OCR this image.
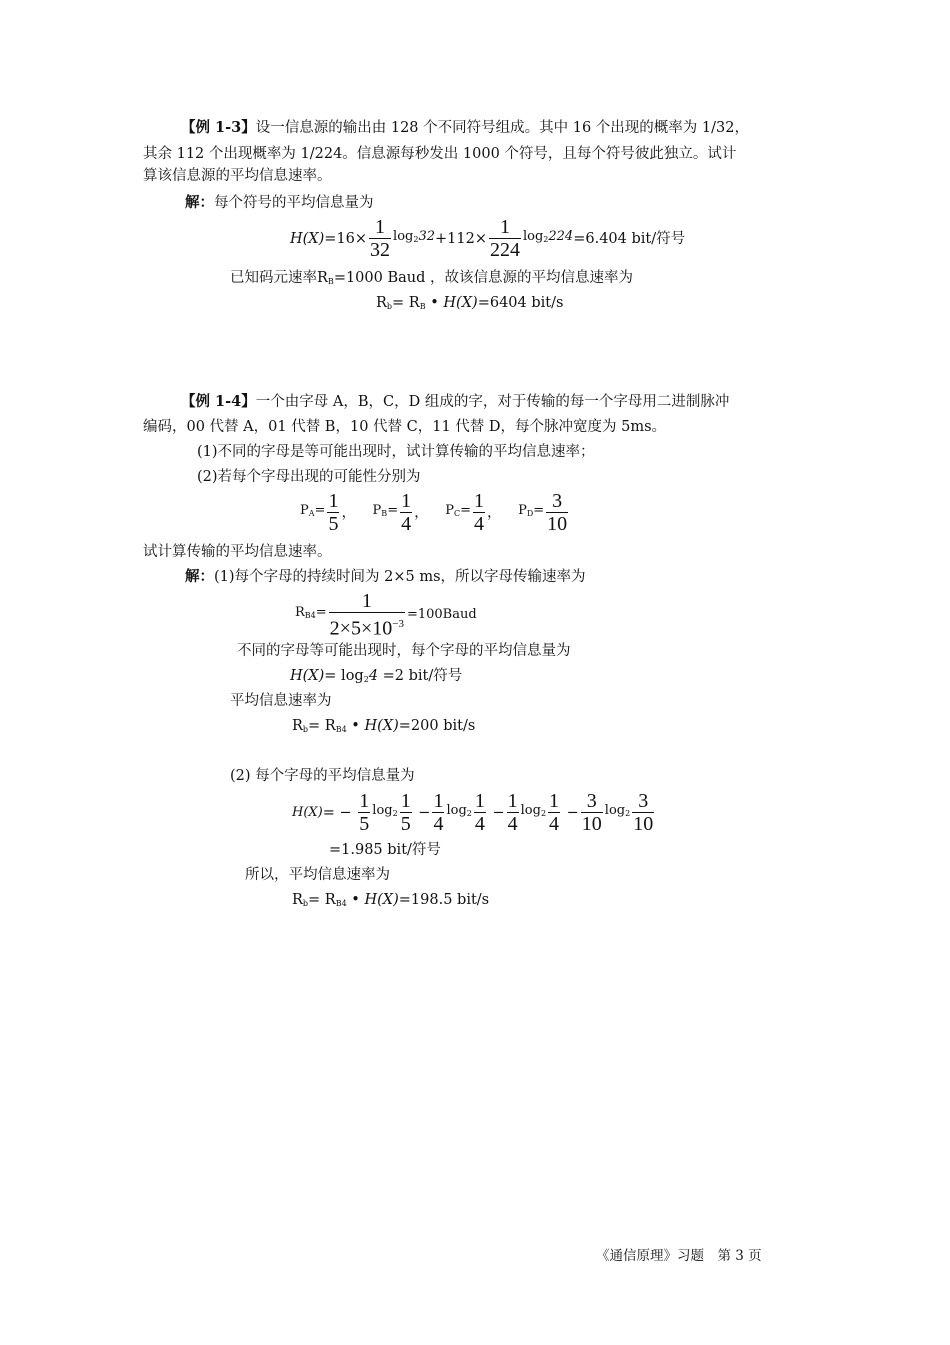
【例 1-3】设一信息源的输出由 128 个不同符号组成。其中 16 个出现的概率为 1/32，
其余 112 个出现概率为 1/224。信息源每秒发出 1000 个符号，且每个符号彼此独立。试计
算该信息源的平均信息速率。
解：每个符号的平均信息量为
$H(X)=16\times \frac{1}{32} \log_232+112\times \frac{1}{224} \log_2224=6.404$ bit/符号
已知码元速率$R_B=1000$ Baud ，故该信息源的平均信息速率为
$R_b= R_B$ • H(X)=6404 bit/s
【例 1-4】一个由字母 A，B，C，D 组成的字，对于传输的每一个字母用二进制脉冲
编码，00 代替 A，01 代替 B，10 代替 C，11 代替 D，每个脉冲宽度为 5ms。
(1)不同的字母是等可能出现时，试计算传输的平均信息速率；
(2)若每个字母出现的可能性分别为
$P_A= \frac{1}{5}$ ， $P_B= \frac{1}{4}$ ， $P_C= \frac{1}{4}$ ， $P_D= \frac{3}{10}$
试计算传输的平均信息速率。
解：(1)每个字母的持续时间为 2×5 ms，所以字母传输速率为
$R_{B4}= \frac{1}{2\times 5\times 10^{-3}}$ =100Baud
不同的字母等可能出现时，每个字母的平均信息量为
$H(X)= \log_24 =2$ bit/符号
平均信息速率为
$R_b= R_{B4}$ • H(X)=200 bit/s
(2) 每个字母的平均信息量为
$H(X)= - \frac{1}{5} \log_2 \frac{1}{5} - \frac{1}{4} \log_2 \frac{1}{4} - \frac{1}{4} \log_2 \frac{1}{4} - \frac{3}{10} \log_2 \frac{3}{10}$
=1.985 bit/符号
所以，平均信息速率为
$R_b= R_{B4}$ • H(X)=198.5 bit/s
《通信原理》习题　第 3 页
